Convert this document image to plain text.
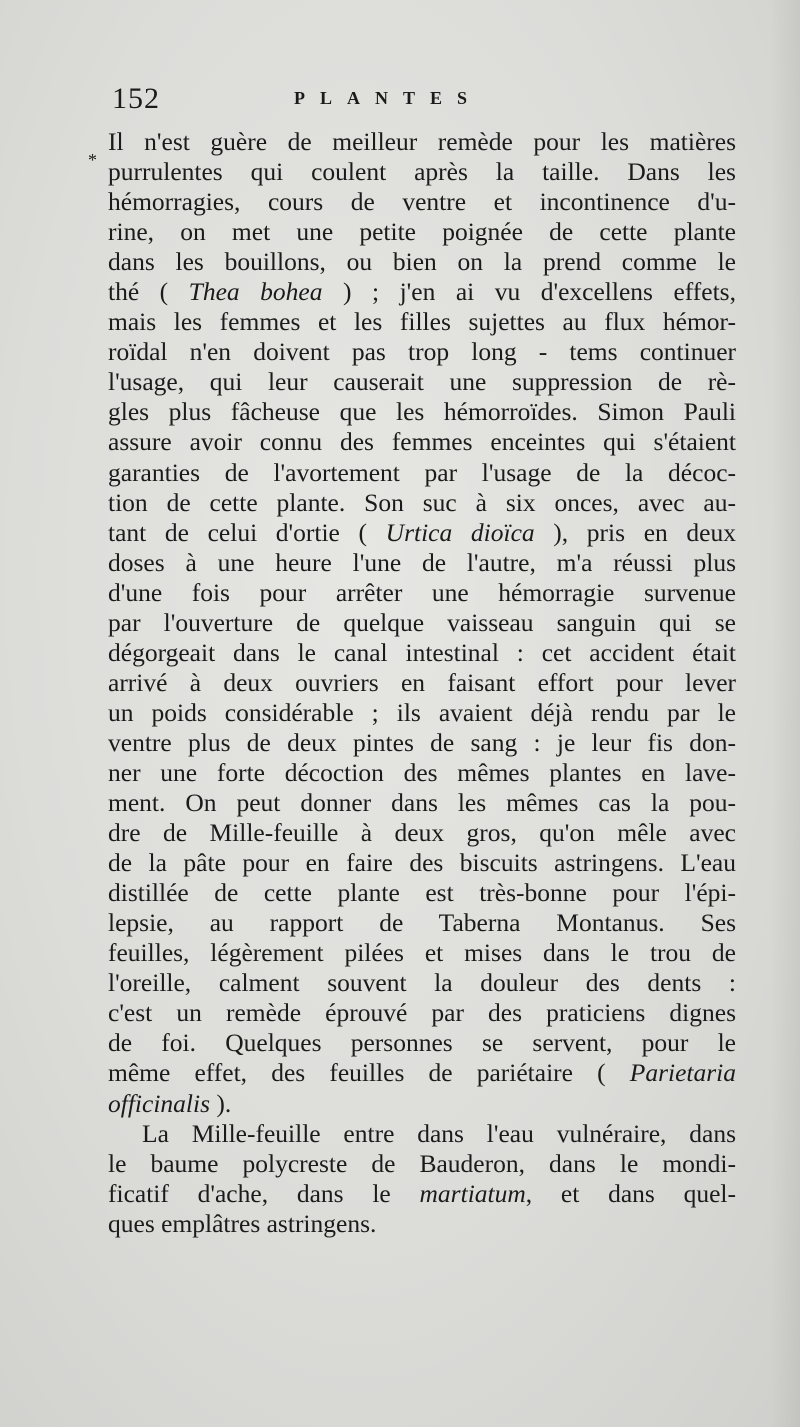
152	PLANTES
*
Il n'est guère de meilleur remède pour les matières
purrulentes qui coulent après la taille. Dans les
hémorragies, cours de ventre et incontinence d'u-
rine, on met une petite poignée de cette plante
dans les bouillons, ou bien on la prend comme le
thé ( Thea bohea ) ; j'en ai vu d'excellens effets,
mais les femmes et les filles sujettes au flux hémor-
roïdal n'en doivent pas trop long - tems continuer
l'usage, qui leur causerait une suppression de rè-
gles plus fâcheuse que les hémorroïdes. Simon Pauli
assure avoir connu des femmes enceintes qui s'étaient
garanties de l'avortement par l'usage de la décoc-
tion de cette plante. Son suc à six onces, avec au-
tant de celui d'ortie ( Urtica dioïca ), pris en deux
doses à une heure l'une de l'autre, m'a réussi plus
d'une fois pour arrêter une hémorragie survenue
par l'ouverture de quelque vaisseau sanguin qui se
dégorgeait dans le canal intestinal : cet accident était
arrivé à deux ouvriers en faisant effort pour lever
un poids considérable ; ils avaient déjà rendu par le
ventre plus de deux pintes de sang : je leur fis don-
ner une forte décoction des mêmes plantes en lave-
ment. On peut donner dans les mêmes cas la pou-
dre de Mille-feuille à deux gros, qu'on mêle avec
de la pâte pour en faire des biscuits astringens. L'eau
distillée de cette plante est très-bonne pour l'épi-
lepsie, au rapport de Taberna Montanus. Ses
feuilles, légèrement pilées et mises dans le trou de
l'oreille, calment souvent la douleur des dents :
c'est un remède éprouvé par des praticiens dignes
de foi. Quelques personnes se servent, pour le
même effet, des feuilles de pariétaire ( Parietaria
officinalis ).
La Mille-feuille entre dans l'eau vulnéraire, dans
le baume polycreste de Bauderon, dans le mondi-
ficatif d'ache, dans le martiatum, et dans quel-
ques emplâtres astringens.
